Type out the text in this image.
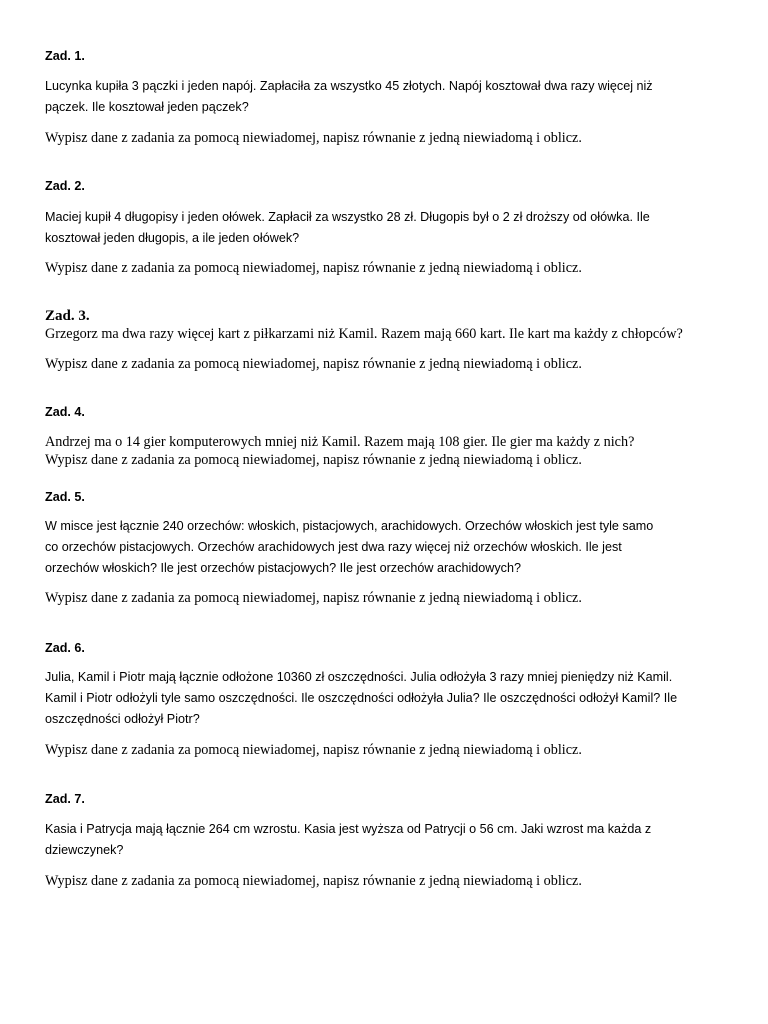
Zad. 1.
Lucynka kupiła 3 pączki i jeden napój. Zapłaciła za wszystko 45 złotych. Napój kosztował dwa razy więcej niż
pączek. Ile kosztował jeden pączek?
Wypisz dane z zadania za pomocą niewiadomej, napisz równanie z jedną niewiadomą i oblicz.
Zad. 2.
Maciej kupił 4 długopisy i jeden ołówek. Zapłacił za wszystko 28 zł. Długopis był o 2 zł droższy od ołówka. Ile
kosztował jeden długopis, a ile jeden ołówek?
Wypisz dane z zadania za pomocą niewiadomej, napisz równanie z jedną niewiadomą i oblicz.
Zad. 3.
Grzegorz ma dwa razy więcej kart z piłkarzami niż Kamil. Razem mają 660 kart. Ile kart ma każdy z chłopców?
Wypisz dane z zadania za pomocą niewiadomej, napisz równanie z jedną niewiadomą i oblicz.
Zad. 4.
Andrzej ma o 14 gier komputerowych mniej niż Kamil. Razem mają 108 gier. Ile gier ma każdy z nich?
Wypisz dane z zadania za pomocą niewiadomej, napisz równanie z jedną niewiadomą i oblicz.
Zad. 5.
W misce jest łącznie 240 orzechów: włoskich, pistacjowych, arachidowych. Orzechów włoskich jest tyle samo
co orzechów pistacjowych. Orzechów arachidowych jest dwa razy więcej niż orzechów włoskich. Ile jest
orzechów włoskich? Ile jest orzechów pistacjowych? Ile jest orzechów arachidowych?
Wypisz dane z zadania za pomocą niewiadomej, napisz równanie z jedną niewiadomą i oblicz.
Zad. 6.
Julia, Kamil i Piotr mają łącznie odłożone 10360 zł oszczędności. Julia odłożyła 3 razy mniej pieniędzy niż Kamil.
Kamil i Piotr odłożyli tyle samo oszczędności. Ile oszczędności odłożyła Julia? Ile oszczędności odłożył Kamil? Ile
oszczędności odłożył Piotr?
Wypisz dane z zadania za pomocą niewiadomej, napisz równanie z jedną niewiadomą i oblicz.
Zad. 7.
Kasia i Patrycja mają łącznie 264 cm wzrostu. Kasia jest wyższa od Patrycji o 56 cm. Jaki wzrost ma każda z
dziewczynek?
Wypisz dane z zadania za pomocą niewiadomej, napisz równanie z jedną niewiadomą i oblicz.
